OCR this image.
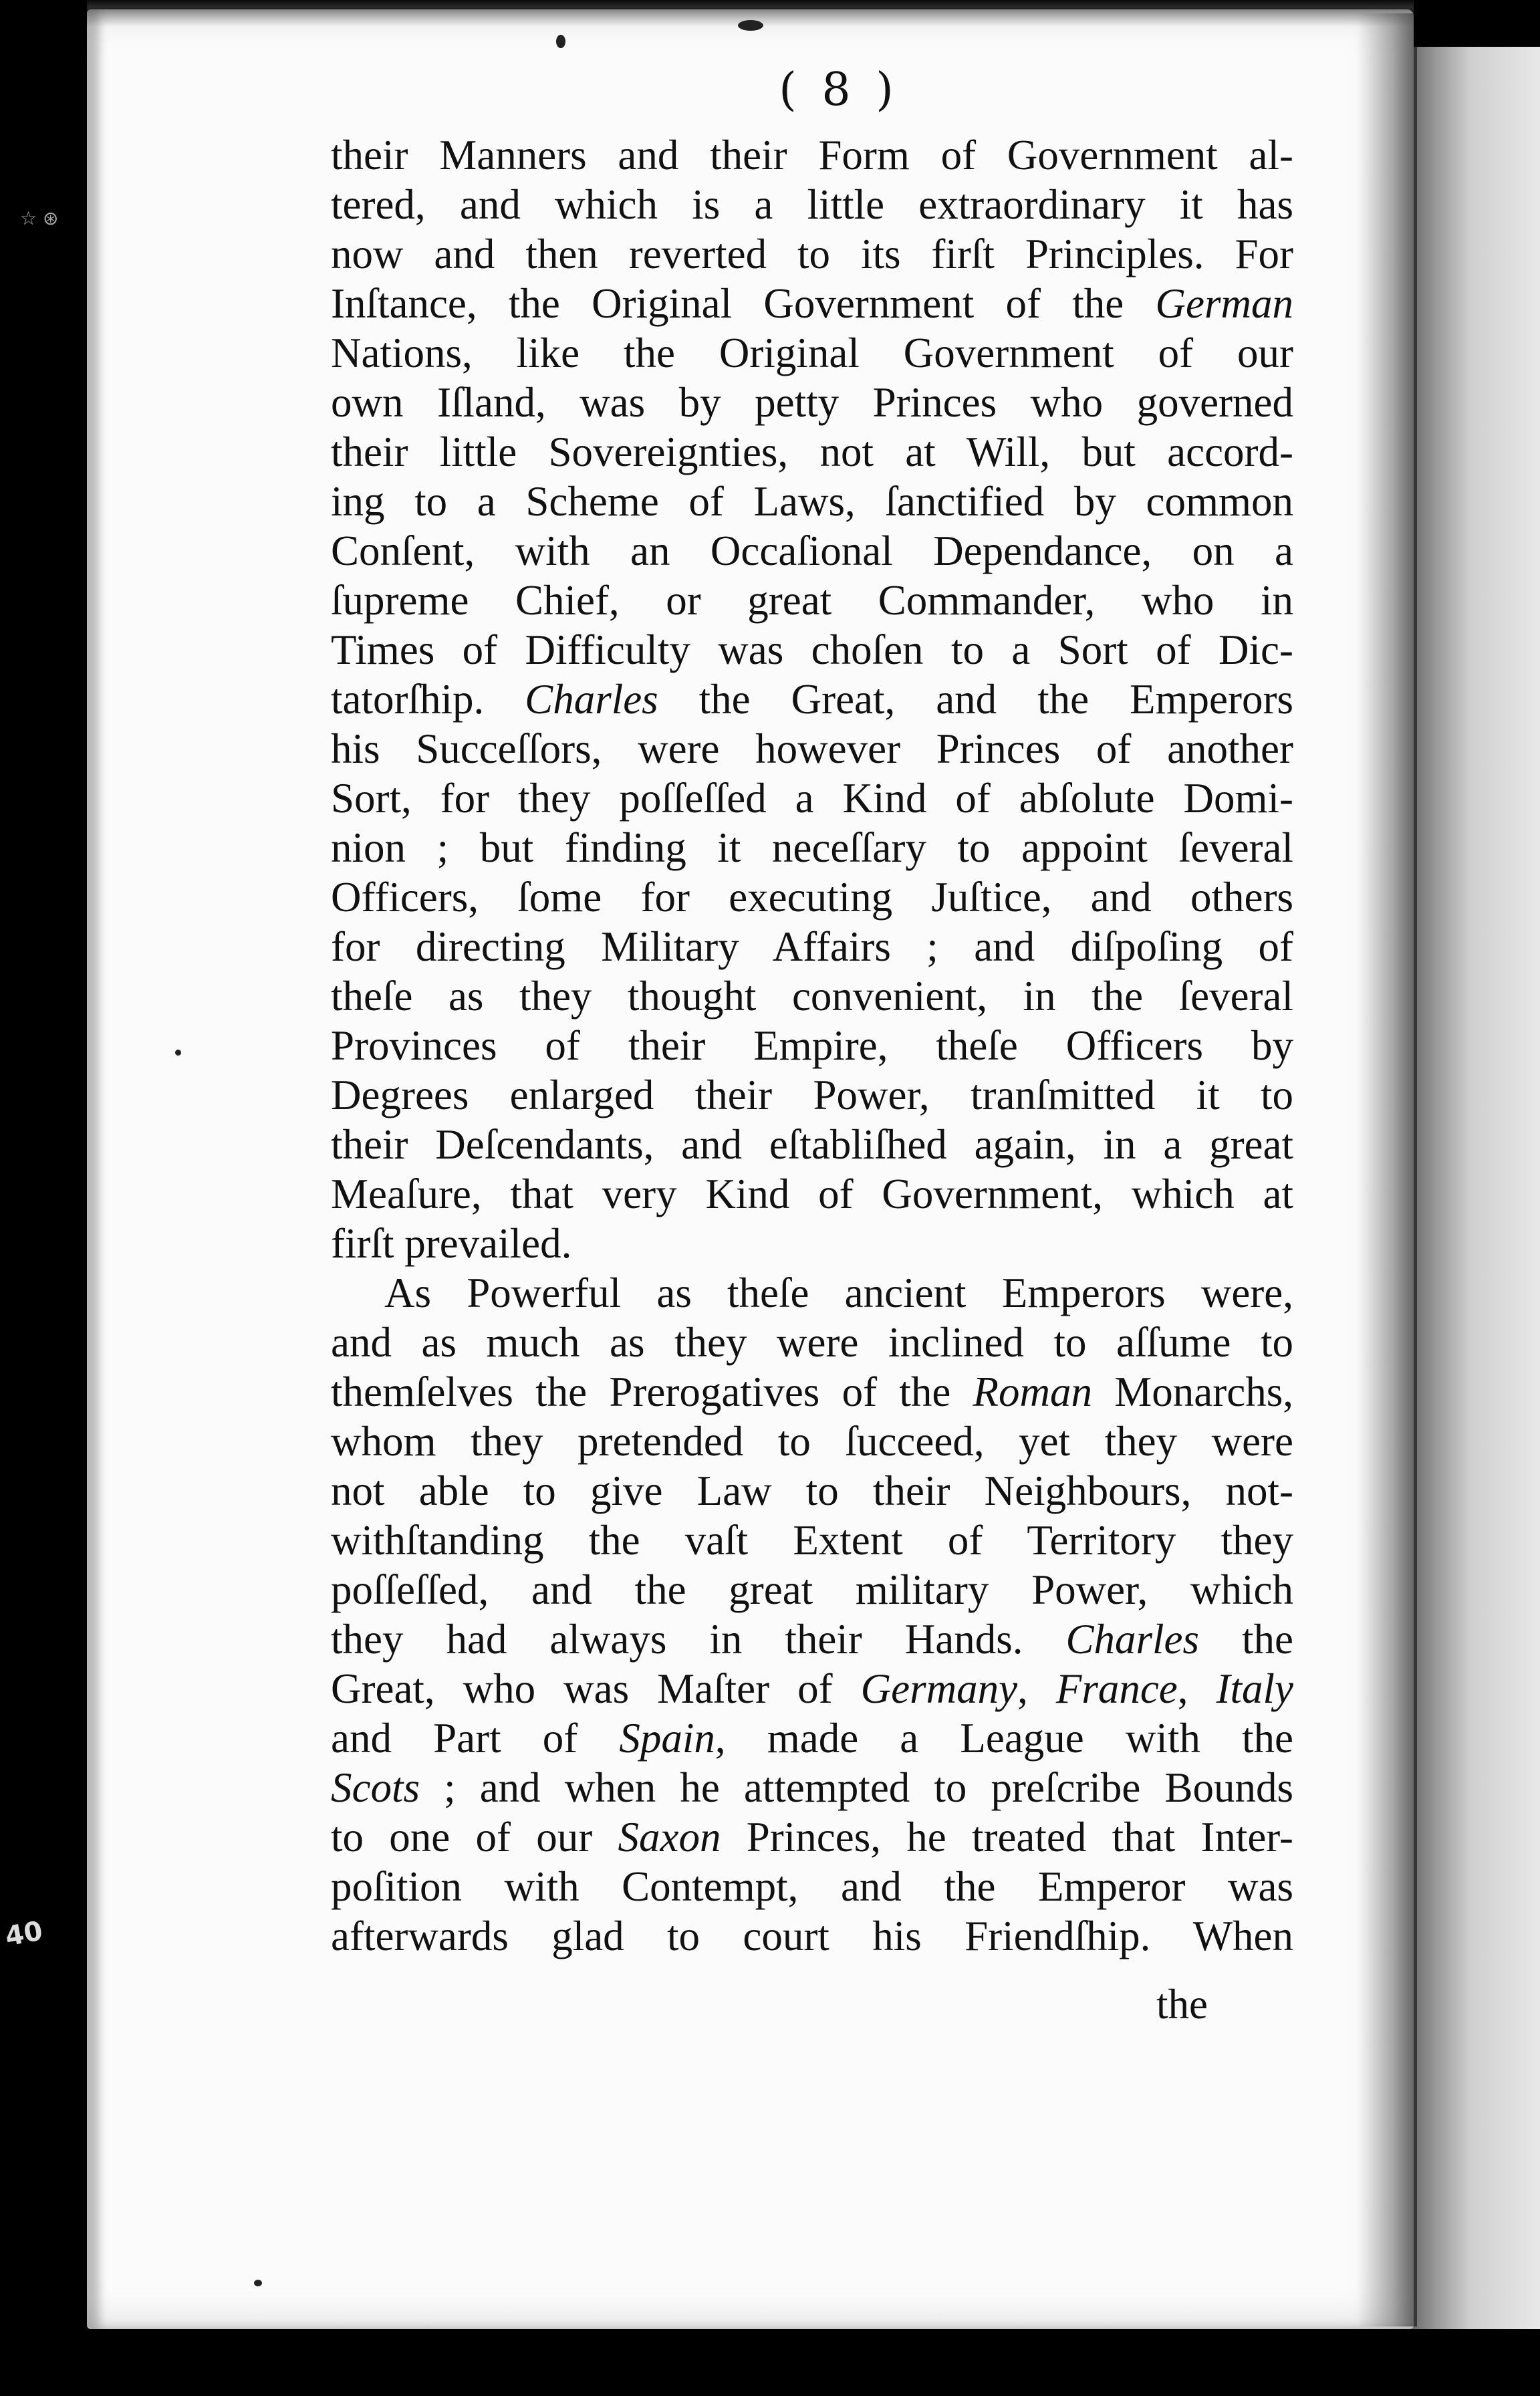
☆ ⊛
40
( 8 )
their Manners and their Form of Government al-
tered, and which is a little extraordinary it has
now and then reverted to its firſt Principles. For
Inſtance, the Original Government of the German
Nations, like the Original Government of our
own Iſland, was by petty Princes who governed
their little Sovereignties, not at Will, but accord-
ing to a Scheme of Laws, ſanctified by common
Conſent, with an Occaſional Dependance, on a
ſupreme Chief, or great Commander, who in
Times of Difficulty was choſen to a Sort of Dic-
tatorſhip. Charles the Great, and the Emperors
his Succeſſors, were however Princes of another
Sort, for they poſſeſſed a Kind of abſolute Domi-
nion ; but finding it neceſſary to appoint ſeveral
Officers, ſome for executing Juſtice, and others
for directing Military Affairs ; and diſpoſing of
theſe as they thought convenient, in the ſeveral
Provinces of their Empire, theſe Officers by
Degrees enlarged their Power, tranſmitted it to
their Deſcendants, and eſtabliſhed again, in a great
Meaſure, that very Kind of Government, which at
firſt prevailed.
As Powerful as theſe ancient Emperors were,
and as much as they were inclined to aſſume to
themſelves the Prerogatives of the Roman Monarchs,
whom they pretended to ſucceed, yet they were
not able to give Law to their Neighbours, not-
withſtanding the vaſt Extent of Territory they
poſſeſſed, and the great military Power, which
they had always in their Hands. Charles the
Great, who was Maſter of Germany, France, Italy
and Part of Spain, made a League with the
Scots ; and when he attempted to preſcribe Bounds
to one of our Saxon Princes, he treated that Inter-
poſition with Contempt, and the Emperor was
afterwards glad to court his Friendſhip. When
the
